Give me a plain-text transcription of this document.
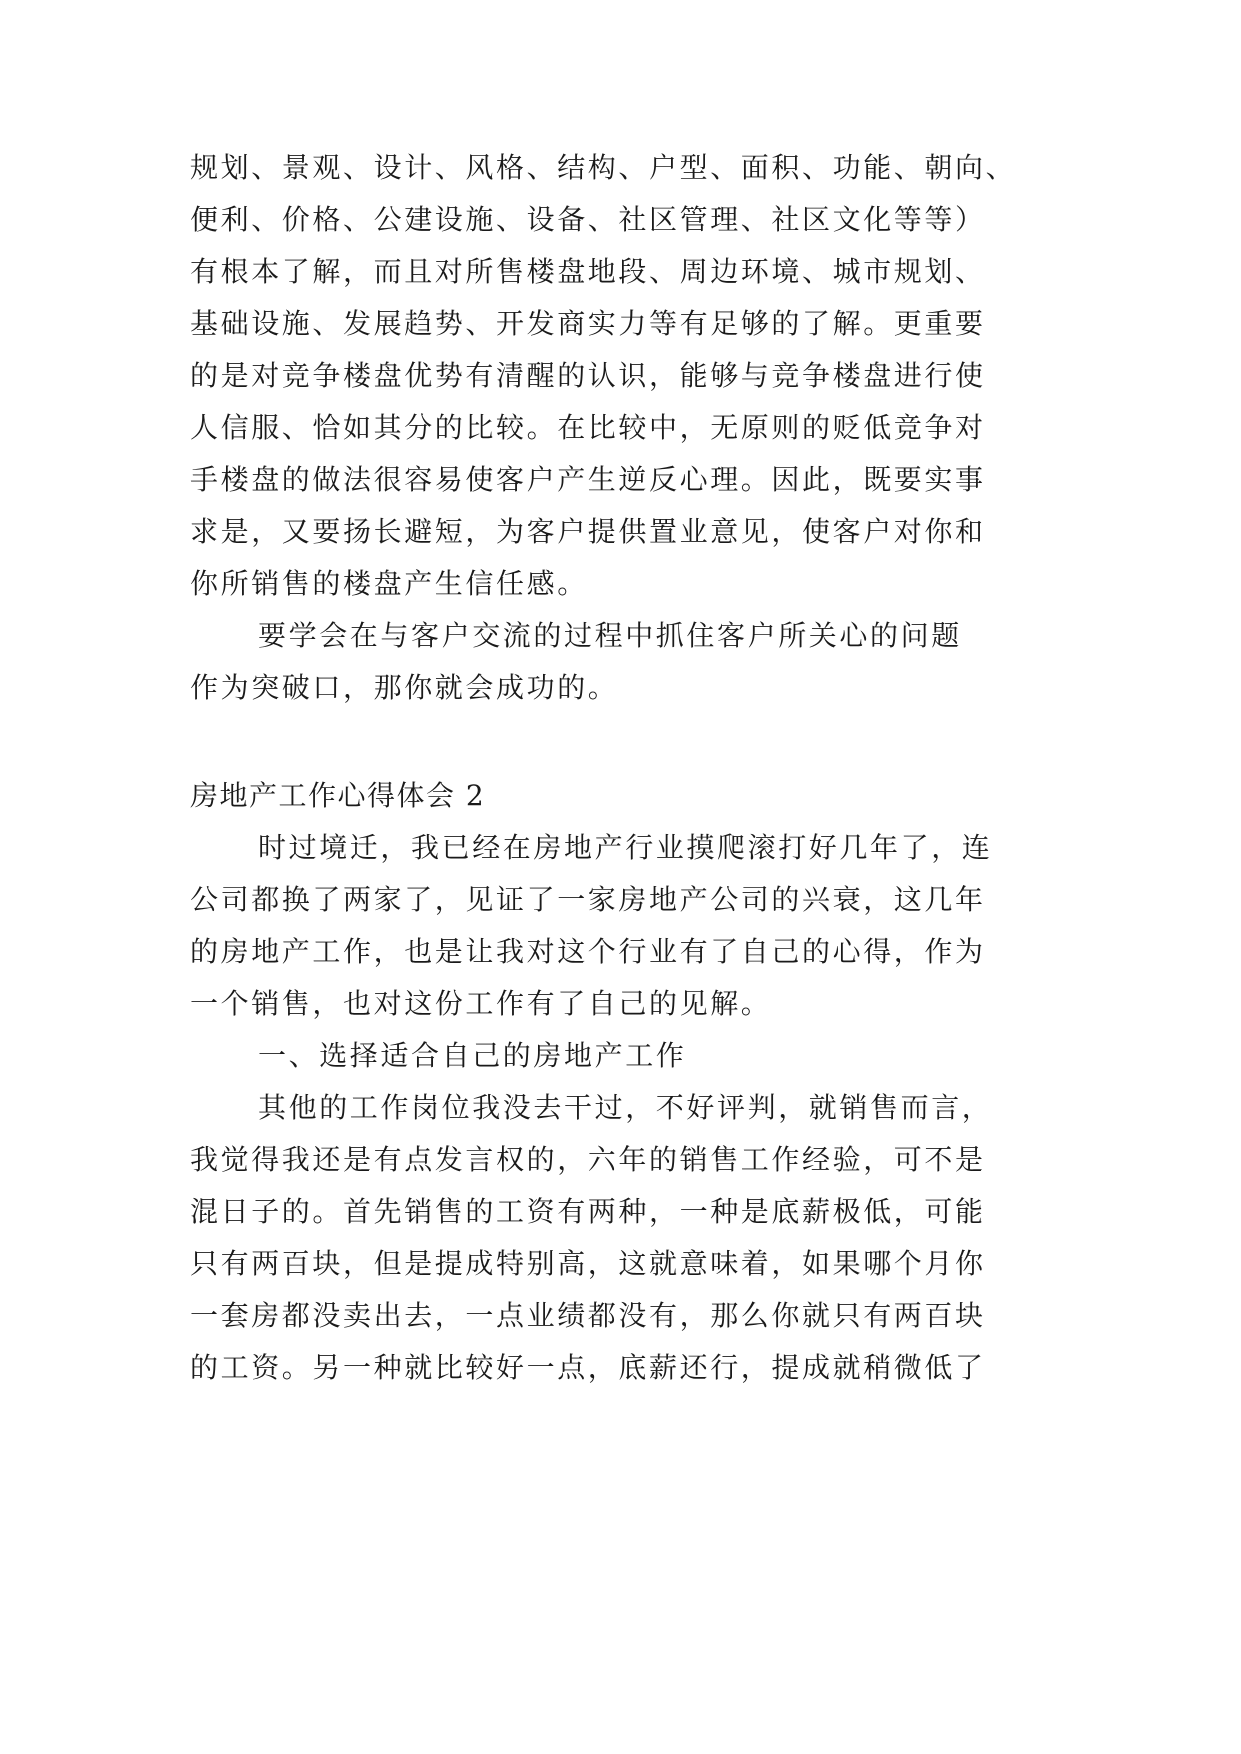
规划、景观、设计、风格、结构、户型、面积、功能、朝向、
便利、价格、公建设施、设备、社区管理、社区文化等等）
有根本了解，而且对所售楼盘地段、周边环境、城市规划、
基础设施、发展趋势、开发商实力等有足够的了解。更重要
的是对竞争楼盘优势有清醒的认识，能够与竞争楼盘进行使
人信服、恰如其分的比较。在比较中，无原则的贬低竞争对
手楼盘的做法很容易使客户产生逆反心理。因此，既要实事
求是，又要扬长避短，为客户提供置业意见，使客户对你和
你所销售的楼盘产生信任感。
要学会在与客户交流的过程中抓住客户所关心的问题
作为突破口，那你就会成功的。
房地产工作心得体会 2
时过境迁，我已经在房地产行业摸爬滚打好几年了，连
公司都换了两家了，见证了一家房地产公司的兴衰，这几年
的房地产工作，也是让我对这个行业有了自己的心得，作为
一个销售，也对这份工作有了自己的见解。
一、选择适合自己的房地产工作
其他的工作岗位我没去干过，不好评判，就销售而言，
我觉得我还是有点发言权的，六年的销售工作经验，可不是
混日子的。首先销售的工资有两种，一种是底薪极低，可能
只有两百块，但是提成特别高，这就意味着，如果哪个月你
一套房都没卖出去，一点业绩都没有，那么你就只有两百块
的工资。另一种就比较好一点，底薪还行，提成就稍微低了
